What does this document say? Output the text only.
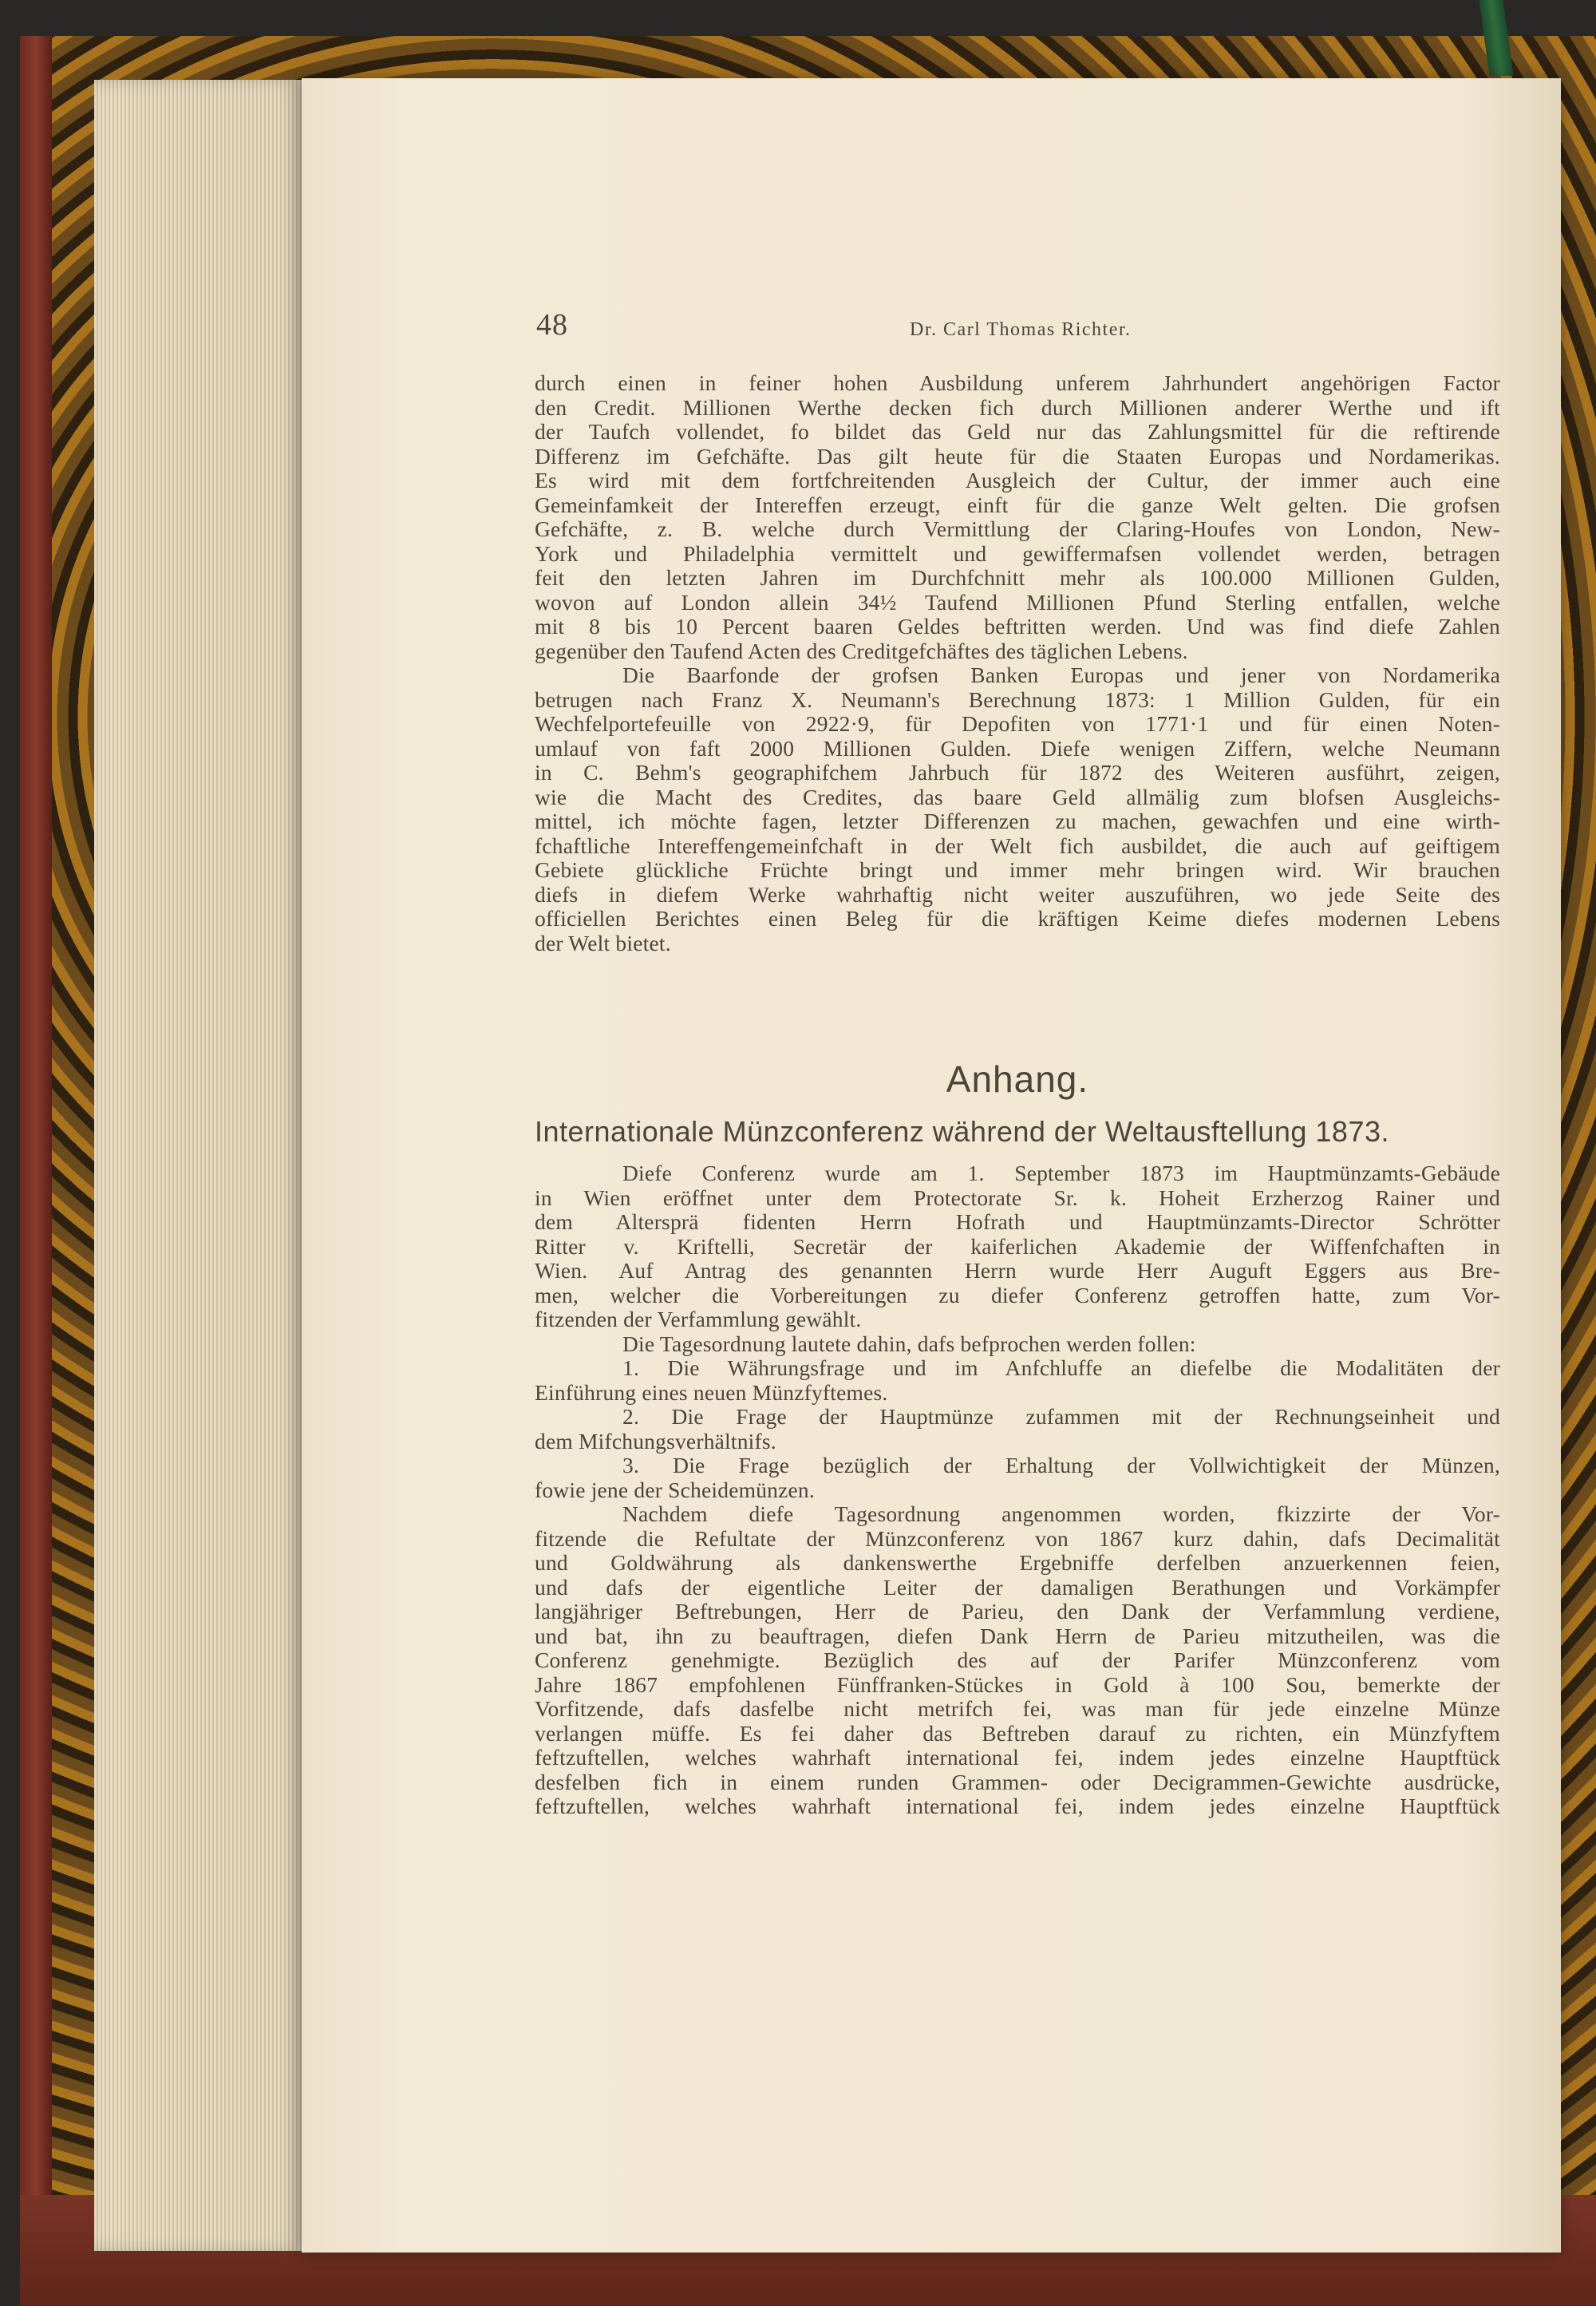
48	Dr. Carl Thomas Richter.
durch einen in feiner hohen Ausbildung unferem Jahrhundert angehörigen Factor
den Credit. Millionen Werthe decken fich durch Millionen anderer Werthe und ift
der Taufch vollendet, fo bildet das Geld nur das Zahlungsmittel für die reftirende
Differenz im Gefchäfte. Das gilt heute für die Staaten Europas und Nordamerikas.
Es wird mit dem fortfchreitenden Ausgleich der Cultur, der immer auch eine
Gemeinfamkeit der Intereffen erzeugt, einft für die ganze Welt gelten. Die grofsen
Gefchäfte, z. B. welche durch Vermittlung der Claring-Houfes von London, New-
York und Philadelphia vermittelt und gewiffermafsen vollendet werden, betragen
feit den letzten Jahren im Durchfchnitt mehr als 100.000 Millionen Gulden,
wovon auf London allein 34½ Taufend Millionen Pfund Sterling entfallen, welche
mit 8 bis 10 Percent baaren Geldes beftritten werden. Und was find diefe Zahlen
gegenüber den Taufend Acten des Creditgefchäftes des täglichen Lebens.
Die Baarfonde der grofsen Banken Europas und jener von Nordamerika
betrugen nach Franz X. Neumann's Berechnung 1873: 1 Million Gulden, für ein
Wechfelportefeuille von 2922·9, für Depofiten von 1771·1 und für einen Noten-
umlauf von faft 2000 Millionen Gulden. Diefe wenigen Ziffern, welche Neumann
in C. Behm's geographifchem Jahrbuch für 1872 des Weiteren ausführt, zeigen,
wie die Macht des Credites, das baare Geld allmälig zum blofsen Ausgleichs-
mittel, ich möchte fagen, letzter Differenzen zu machen, gewachfen und eine wirth-
fchaftliche Intereffengemeinfchaft in der Welt fich ausbildet, die auch auf geiftigem
Gebiete glückliche Früchte bringt und immer mehr bringen wird. Wir brauchen
diefs in diefem Werke wahrhaftig nicht weiter auszuführen, wo jede Seite des
officiellen Berichtes einen Beleg für die kräftigen Keime diefes modernen Lebens
der Welt bietet.
Anhang.
Internationale Münzconferenz während der Weltausftellung 1873.
Diefe Conferenz wurde am 1. September 1873 im Hauptmünzamts-Gebäude
in Wien eröffnet unter dem Protectorate Sr. k. Hoheit Erzherzog Rainer und
dem Altersprä fidenten Herrn Hofrath und Hauptmünzamts-Director Schrötter
Ritter v. Kriftelli, Secretär der kaiferlichen Akademie der Wiffenfchaften in
Wien. Auf Antrag des genannten Herrn wurde Herr Auguft Eggers aus Bre-
men, welcher die Vorbereitungen zu diefer Conferenz getroffen hatte, zum Vor-
fitzenden der Verfammlung gewählt.
Die Tagesordnung lautete dahin, dafs befprochen werden follen:
1. Die Währungsfrage und im Anfchluffe an diefelbe die Modalitäten der
Einführung eines neuen Münzfyftemes.
2. Die Frage der Hauptmünze zufammen mit der Rechnungseinheit und
dem Mifchungsverhältnifs.
3. Die Frage bezüglich der Erhaltung der Vollwichtigkeit der Münzen,
fowie jene der Scheidemünzen.
Nachdem diefe Tagesordnung angenommen worden, fkizzirte der Vor-
fitzende die Refultate der Münzconferenz von 1867 kurz dahin, dafs Decimalität
und Goldwährung als dankenswerthe Ergebniffe derfelben anzuerkennen feien,
und dafs der eigentliche Leiter der damaligen Berathungen und Vorkämpfer
langjähriger Beftrebungen, Herr de Parieu, den Dank der Verfammlung verdiene,
und bat, ihn zu beauftragen, diefen Dank Herrn de Parieu mitzutheilen, was die
Conferenz genehmigte. Bezüglich des auf der Parifer Münzconferenz vom
Jahre 1867 empfohlenen Fünffranken-Stückes in Gold à 100 Sou, bemerkte der
Vorfitzende, dafs dasfelbe nicht metrifch fei, was man für jede einzelne Münze
verlangen müffe. Es fei daher das Beftreben darauf zu richten, ein Münzfyftem
feftzuftellen, welches wahrhaft international fei, indem jedes einzelne Hauptftück
desfelben fich in einem runden Grammen- oder Decigrammen-Gewichte ausdrücke,
feftzuftellen, welches wahrhaft international fei, indem jedes einzelne Hauptftück
